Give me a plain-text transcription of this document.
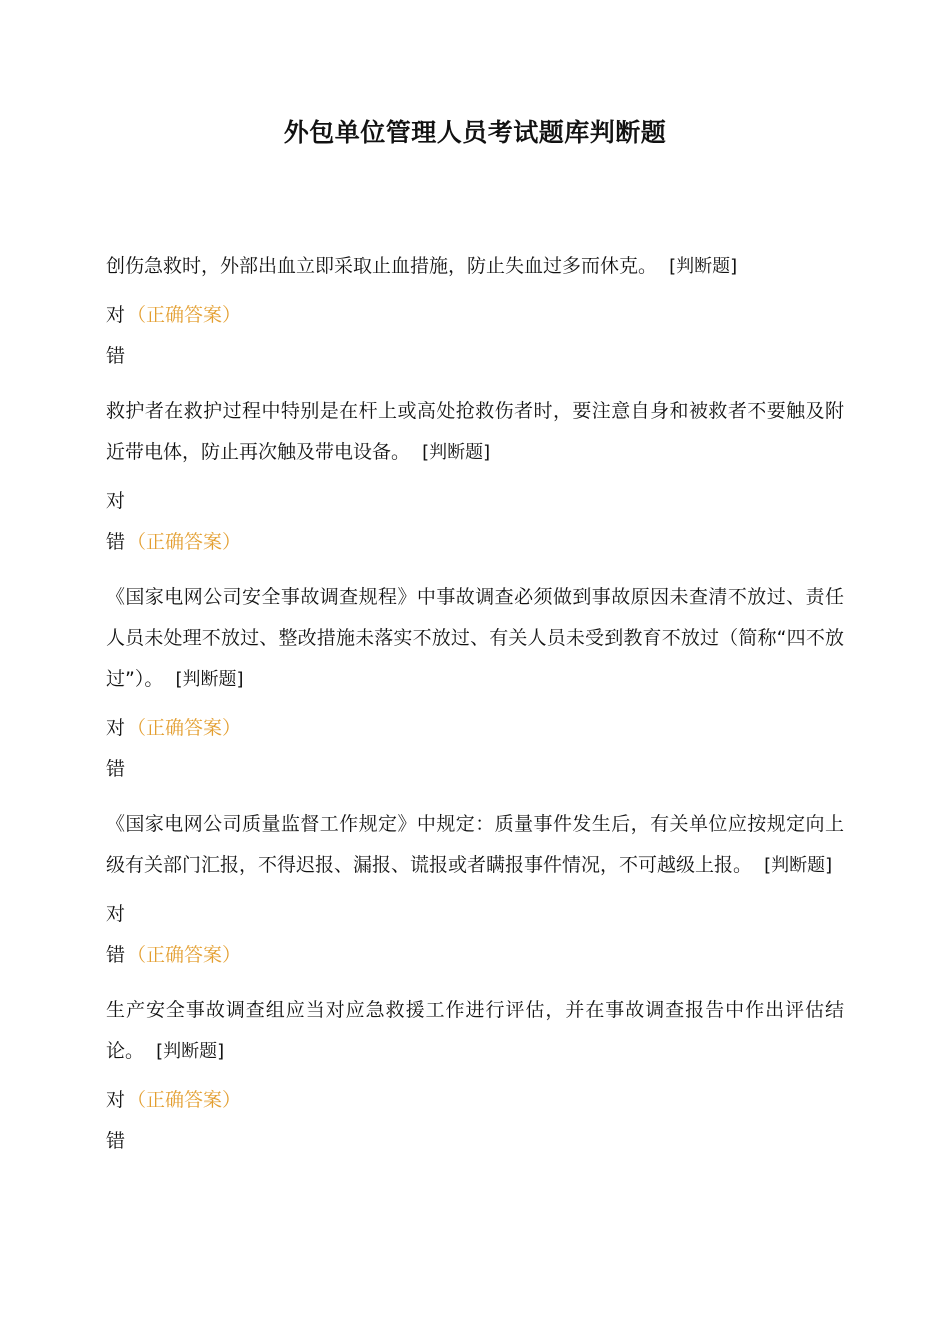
外包单位管理人员考试题库判断题

创伤急救时，外部出血立即采取止血措施，防止失血过多而休克。 [判断题]

对 （正确答案）

错

救护者在救护过程中特别是在杆上或高处抢救伤者时，要注意自身和被救者不要触及附近带电体，防止再次触及带电设备。 [判断题]

对

错 （正确答案）

《国家电网公司安全事故调查规程》中事故调查必须做到事故原因未查清不放过、责任人员未处理不放过、整改措施未落实不放过、有关人员未受到教育不放过（简称“四不放过”）。 [判断题]

对 （正确答案）

错

《国家电网公司质量监督工作规定》中规定：质量事件发生后，有关单位应按规定向上级有关部门汇报，不得迟报、漏报、谎报或者瞒报事件情况，不可越级上报。 [判断题]

对

错 （正确答案）

生产安全事故调查组应当对应急救援工作进行评估，并在事故调查报告中作出评估结论。 [判断题]

对 （正确答案）

错
